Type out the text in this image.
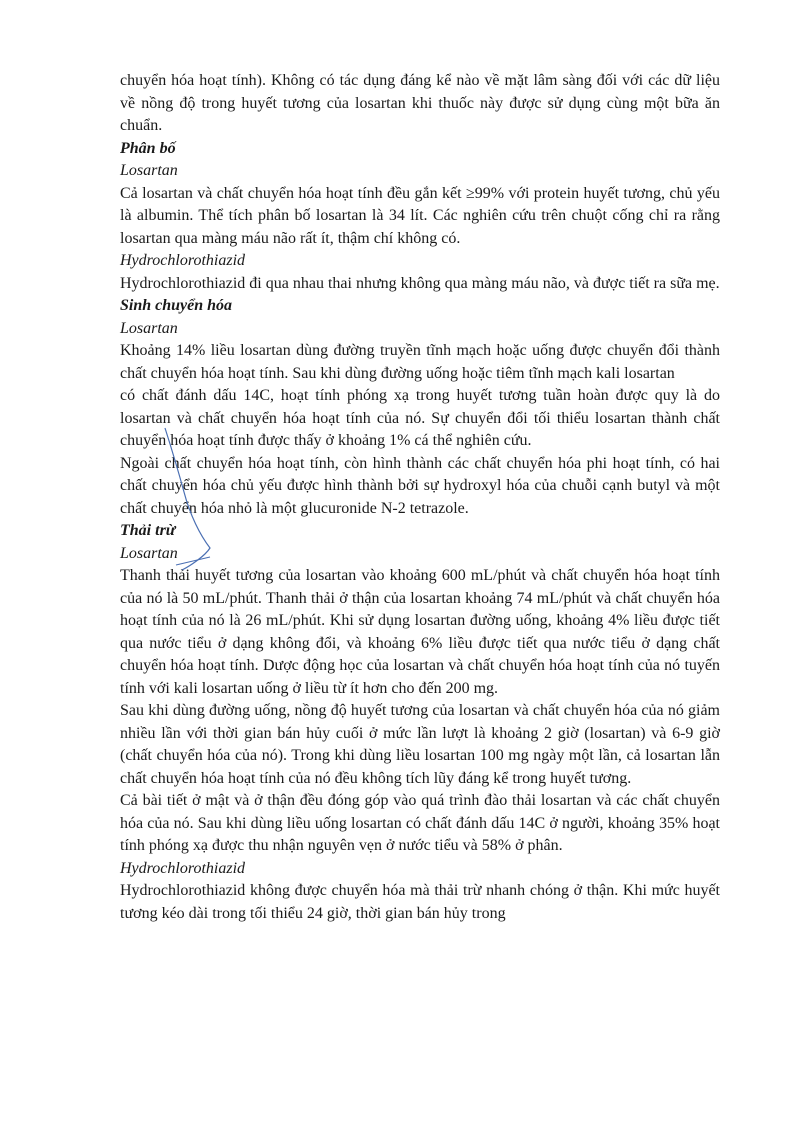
chuyển hóa hoạt tính). Không có tác dụng đáng kể nào về mặt lâm sàng đối với các dữ liệu về nồng độ trong huyết tương của losartan khi thuốc này được sử dụng cùng một bữa ăn chuẩn.

Phân bố
Losartan

Cả losartan và chất chuyển hóa hoạt tính đều gắn kết ≥99% với protein huyết tương, chủ yếu là albumin. Thể tích phân bố losartan là 34 lít. Các nghiên cứu trên chuột cống chỉ ra rằng losartan qua màng máu não rất ít, thậm chí không có.

Hydrochlorothiazid

Hydrochlorothiazid đi qua nhau thai nhưng không qua màng máu não, và được tiết ra sữa mẹ.

Sinh chuyển hóa
Losartan

Khoảng 14% liều losartan dùng đường truyền tĩnh mạch hoặc uống được chuyển đổi thành chất chuyển hóa hoạt tính. Sau khi dùng đường uống hoặc tiêm tĩnh mạch kali losartan

có chất đánh dấu 14C, hoạt tính phóng xạ trong huyết tương tuần hoàn được quy là do losartan và chất chuyển hóa hoạt tính của nó. Sự chuyển đổi tối thiểu losartan thành chất chuyển hóa hoạt tính được thấy ở khoảng 1% cá thể nghiên cứu.

Ngoài chất chuyển hóa hoạt tính, còn hình thành các chất chuyển hóa phi hoạt tính, có hai chất chuyển hóa chủ yếu được hình thành bởi sự hydroxyl hóa của chuỗi cạnh butyl và một chất chuyển hóa nhỏ là một glucuronide N-2 tetrazole.

Thải trừ
Losartan

Thanh thải huyết tương của losartan vào khoảng 600 mL/phút và chất chuyển hóa hoạt tính của nó là 50 mL/phút. Thanh thải ở thận của losartan khoảng 74 mL/phút và chất chuyển hóa hoạt tính của nó là 26 mL/phút. Khi sử dụng losartan đường uống, khoảng 4% liều được tiết qua nước tiểu ở dạng không đổi, và khoảng 6% liều được tiết qua nước tiểu ở dạng chất chuyển hóa hoạt tính. Dược động học của losartan và chất chuyển hóa hoạt tính của nó tuyến tính với kali losartan uống ở liều từ ít hơn cho đến 200 mg.

Sau khi dùng đường uống, nồng độ huyết tương của losartan và chất chuyển hóa của nó giảm nhiều lần với thời gian bán hủy cuối ở mức lần lượt là khoảng 2 giờ (losartan) và 6-9 giờ (chất chuyển hóa của nó). Trong khi dùng liều losartan 100 mg ngày một lần, cả losartan lẫn chất chuyển hóa hoạt tính của nó đều không tích lũy đáng kể trong huyết tương.

Cả bài tiết ở mật và ở thận đều đóng góp vào quá trình đào thải losartan và các chất chuyển hóa của nó. Sau khi dùng liều uống losartan có chất đánh dấu 14C ở người, khoảng 35% hoạt tính phóng xạ được thu nhận nguyên vẹn ở nước tiểu và 58% ở phân.

Hydrochlorothiazid

Hydrochlorothiazid không được chuyển hóa mà thải trừ nhanh chóng ở thận. Khi mức huyết tương kéo dài trong tối thiểu 24 giờ, thời gian bán hủy trong
